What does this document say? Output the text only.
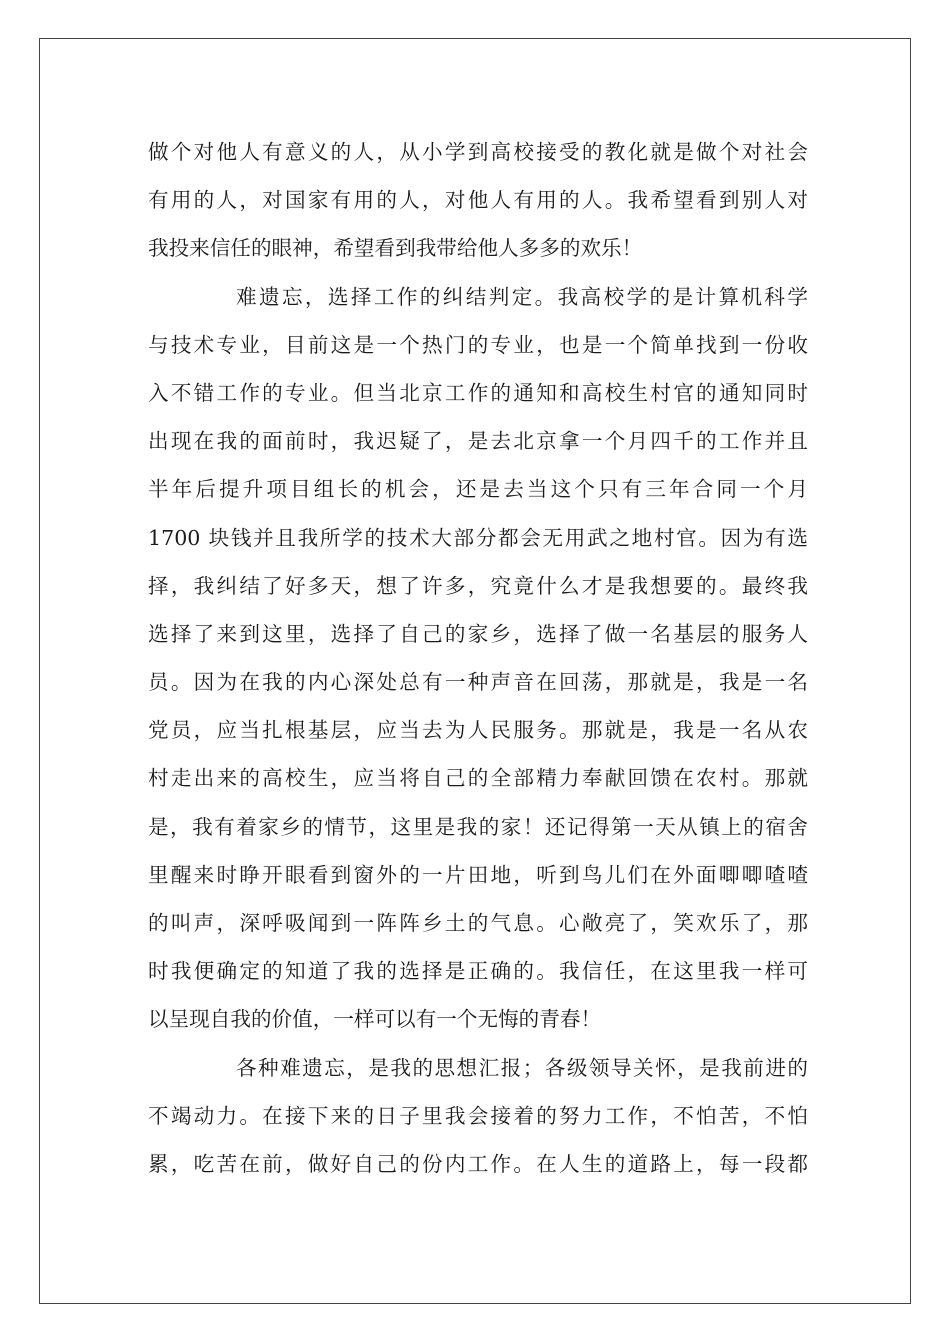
做个对他人有意义的人，从小学到高校接受的教化就是做个对社会
有用的人，对国家有用的人，对他人有用的人。我希望看到别人对
我投来信任的眼神，希望看到我带给他人多多的欢乐！
难遗忘，选择工作的纠结判定。我高校学的是计算机科学
与技术专业，目前这是一个热门的专业，也是一个简单找到一份收
入不错工作的专业。但当北京工作的通知和高校生村官的通知同时
出现在我的面前时，我迟疑了，是去北京拿一个月四千的工作并且
半年后提升项目组长的机会，还是去当这个只有三年合同一个月
1700 块钱并且我所学的技术大部分都会无用武之地村官。因为有选
择，我纠结了好多天，想了许多，究竟什么才是我想要的。最终我
选择了来到这里，选择了自己的家乡，选择了做一名基层的服务人
员。因为在我的内心深处总有一种声音在回荡，那就是，我是一名
党员，应当扎根基层，应当去为人民服务。那就是，我是一名从农
村走出来的高校生，应当将自己的全部精力奉献回馈在农村。那就
是，我有着家乡的情节，这里是我的家！还记得第一天从镇上的宿舍
里醒来时睁开眼看到窗外的一片田地，听到鸟儿们在外面唧唧喳喳
的叫声，深呼吸闻到一阵阵乡土的气息。心敞亮了，笑欢乐了，那
时我便确定的知道了我的选择是正确的。我信任，在这里我一样可
以呈现自我的价值，一样可以有一个无悔的青春！
各种难遗忘，是我的思想汇报；各级领导关怀，是我前进的
不竭动力。在接下来的日子里我会接着的努力工作，不怕苦，不怕
累，吃苦在前，做好自己的份内工作。在人生的道路上，每一段都
